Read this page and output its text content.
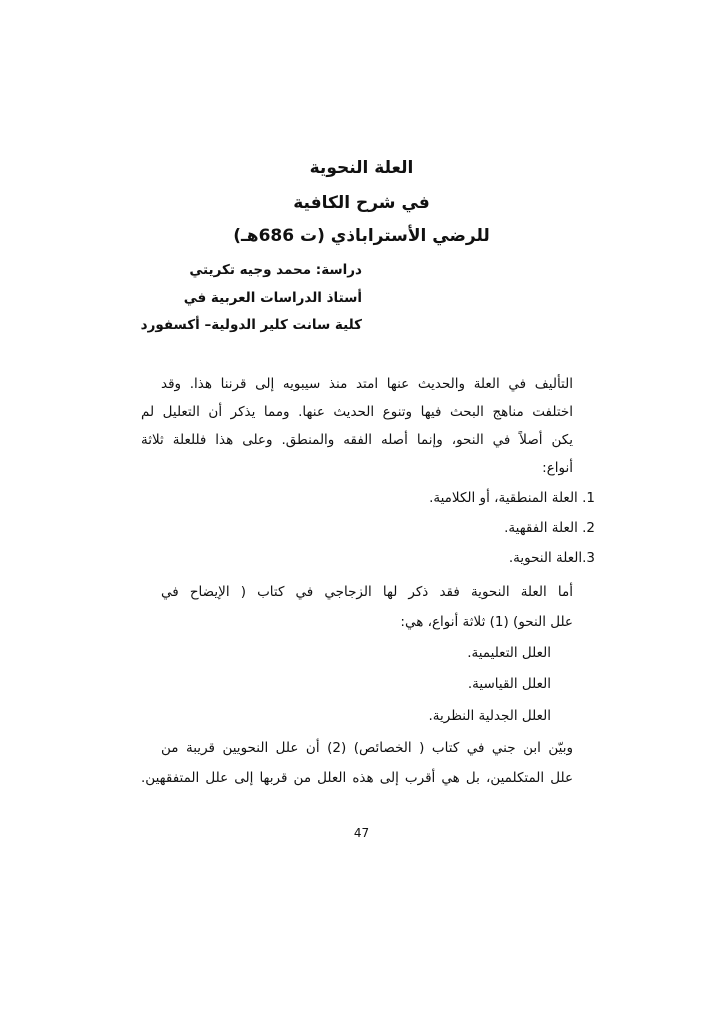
العلة النحوية
في شرح الكافية
للرضي الأستراباذي (ت 686هـ)
دراسة: محمد وجيه تكريتي
أستاذ الدراسات العربية في
كلية سانت كلير الدولية– أكسفورد
التأليف في العلة والحديث عنها امتد منذ سيبويه إلى قرننا هذا. وقد
اختلفت مناهج البحث فيها وتنوع الحديث عنها. ومما يذكر أن التعليل لم
يكن أصلاً في النحو، وإنما أصله الفقه والمنطق. وعلى هذا فللعلة ثلاثة
أنواع:
1. العلة المنطقية، أو الكلامية.
2. العلة الفقهية.
3.العلة النحوية.
أما العلة النحوية فقد ذكر لها الزجاجي في كتاب ( الإيضاح في
علل النحو) (1) ثلاثة أنواع، هي:
العلل التعليمية.
العلل القياسية.
العلل الجدلية النظرية.
وبيّن ابن جني في كتاب ( الخصائص) (2) أن علل النحويين قريبة من
علل المتكلمين، بل هي أقرب إلى هذه العلل من قربها إلى علل المتفقهين.
47
